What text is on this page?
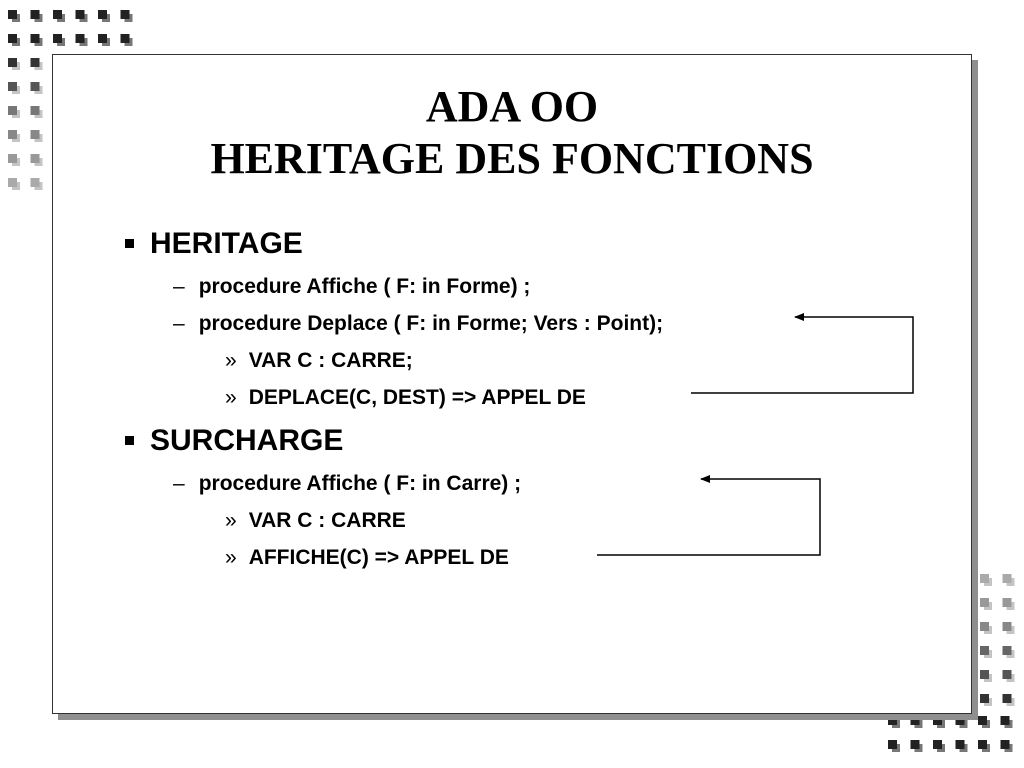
ADA OO
HERITAGE DES FONCTIONS
HERITAGE
– procedure Affiche ( F: in Forme) ;
– procedure Deplace ( F: in Forme; Vers : Point);
» VAR C : CARRE;
» DEPLACE(C, DEST) => APPEL DE
SURCHARGE
– procedure Affiche ( F: in Carre) ;
» VAR C : CARRE
» AFFICHE(C) => APPEL DE
